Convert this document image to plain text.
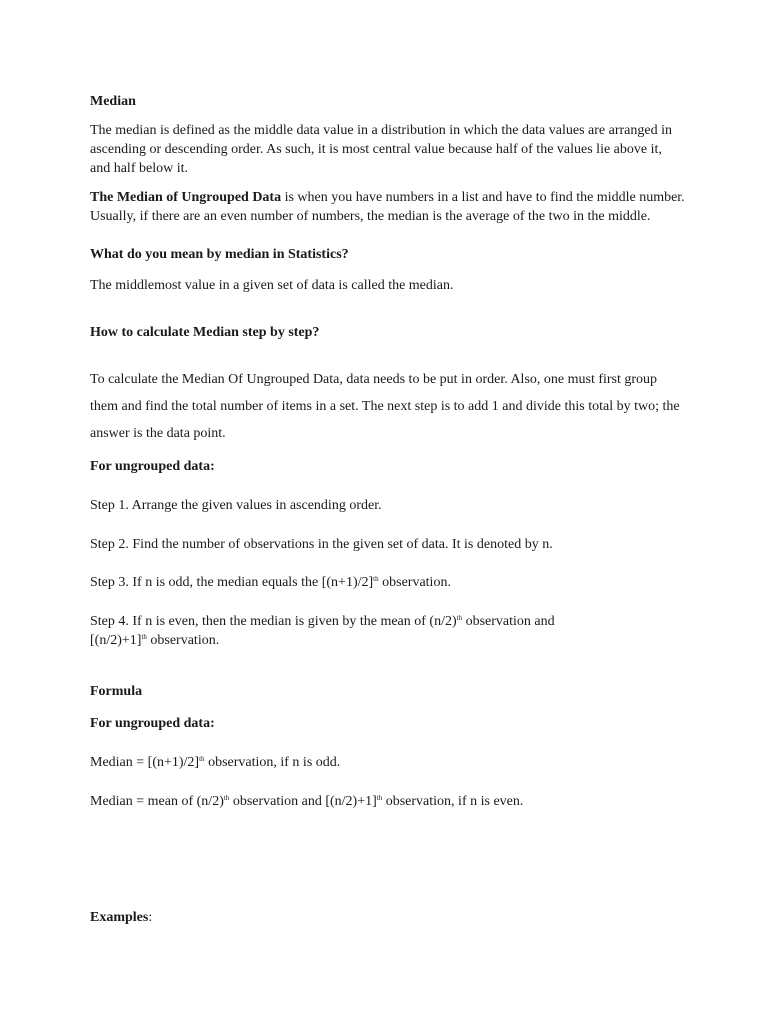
Median

The median is defined as the middle data value in a distribution in which the data values are arranged in
ascending or descending order. As such, it is most central value because half of the values lie above it,
and half below it.

The Median of Ungrouped Data is when you have numbers in a list and have to find the middle number.
Usually, if there are an even number of numbers, the median is the average of the two in the middle.

What do you mean by median in Statistics?

The middlemost value in a given set of data is called the median.

How to calculate Median step by step?

To calculate the Median Of Ungrouped Data, data needs to be put in order. Also, one must first group
them and find the total number of items in a set. The next step is to add 1 and divide this total by two; the
answer is the data point.

For ungrouped data:

Step 1. Arrange the given values in ascending order.

Step 2. Find the number of observations in the given set of data. It is denoted by n.

Step 3. If n is odd, the median equals the $[(n+1)/2]^{th}$ observation.

Step 4. If n is even, then the median is given by the mean of $(n/2)^{th}$ observation and
$[(n/2)+1]^{th}$ observation.

Formula

For ungrouped data:

Median = $[(n+1)/2]^{th}$ observation, if n is odd.

Median = mean of $(n/2)^{th}$ observation and $[(n/2)+1]^{th}$ observation, if n is even.

Examples:
